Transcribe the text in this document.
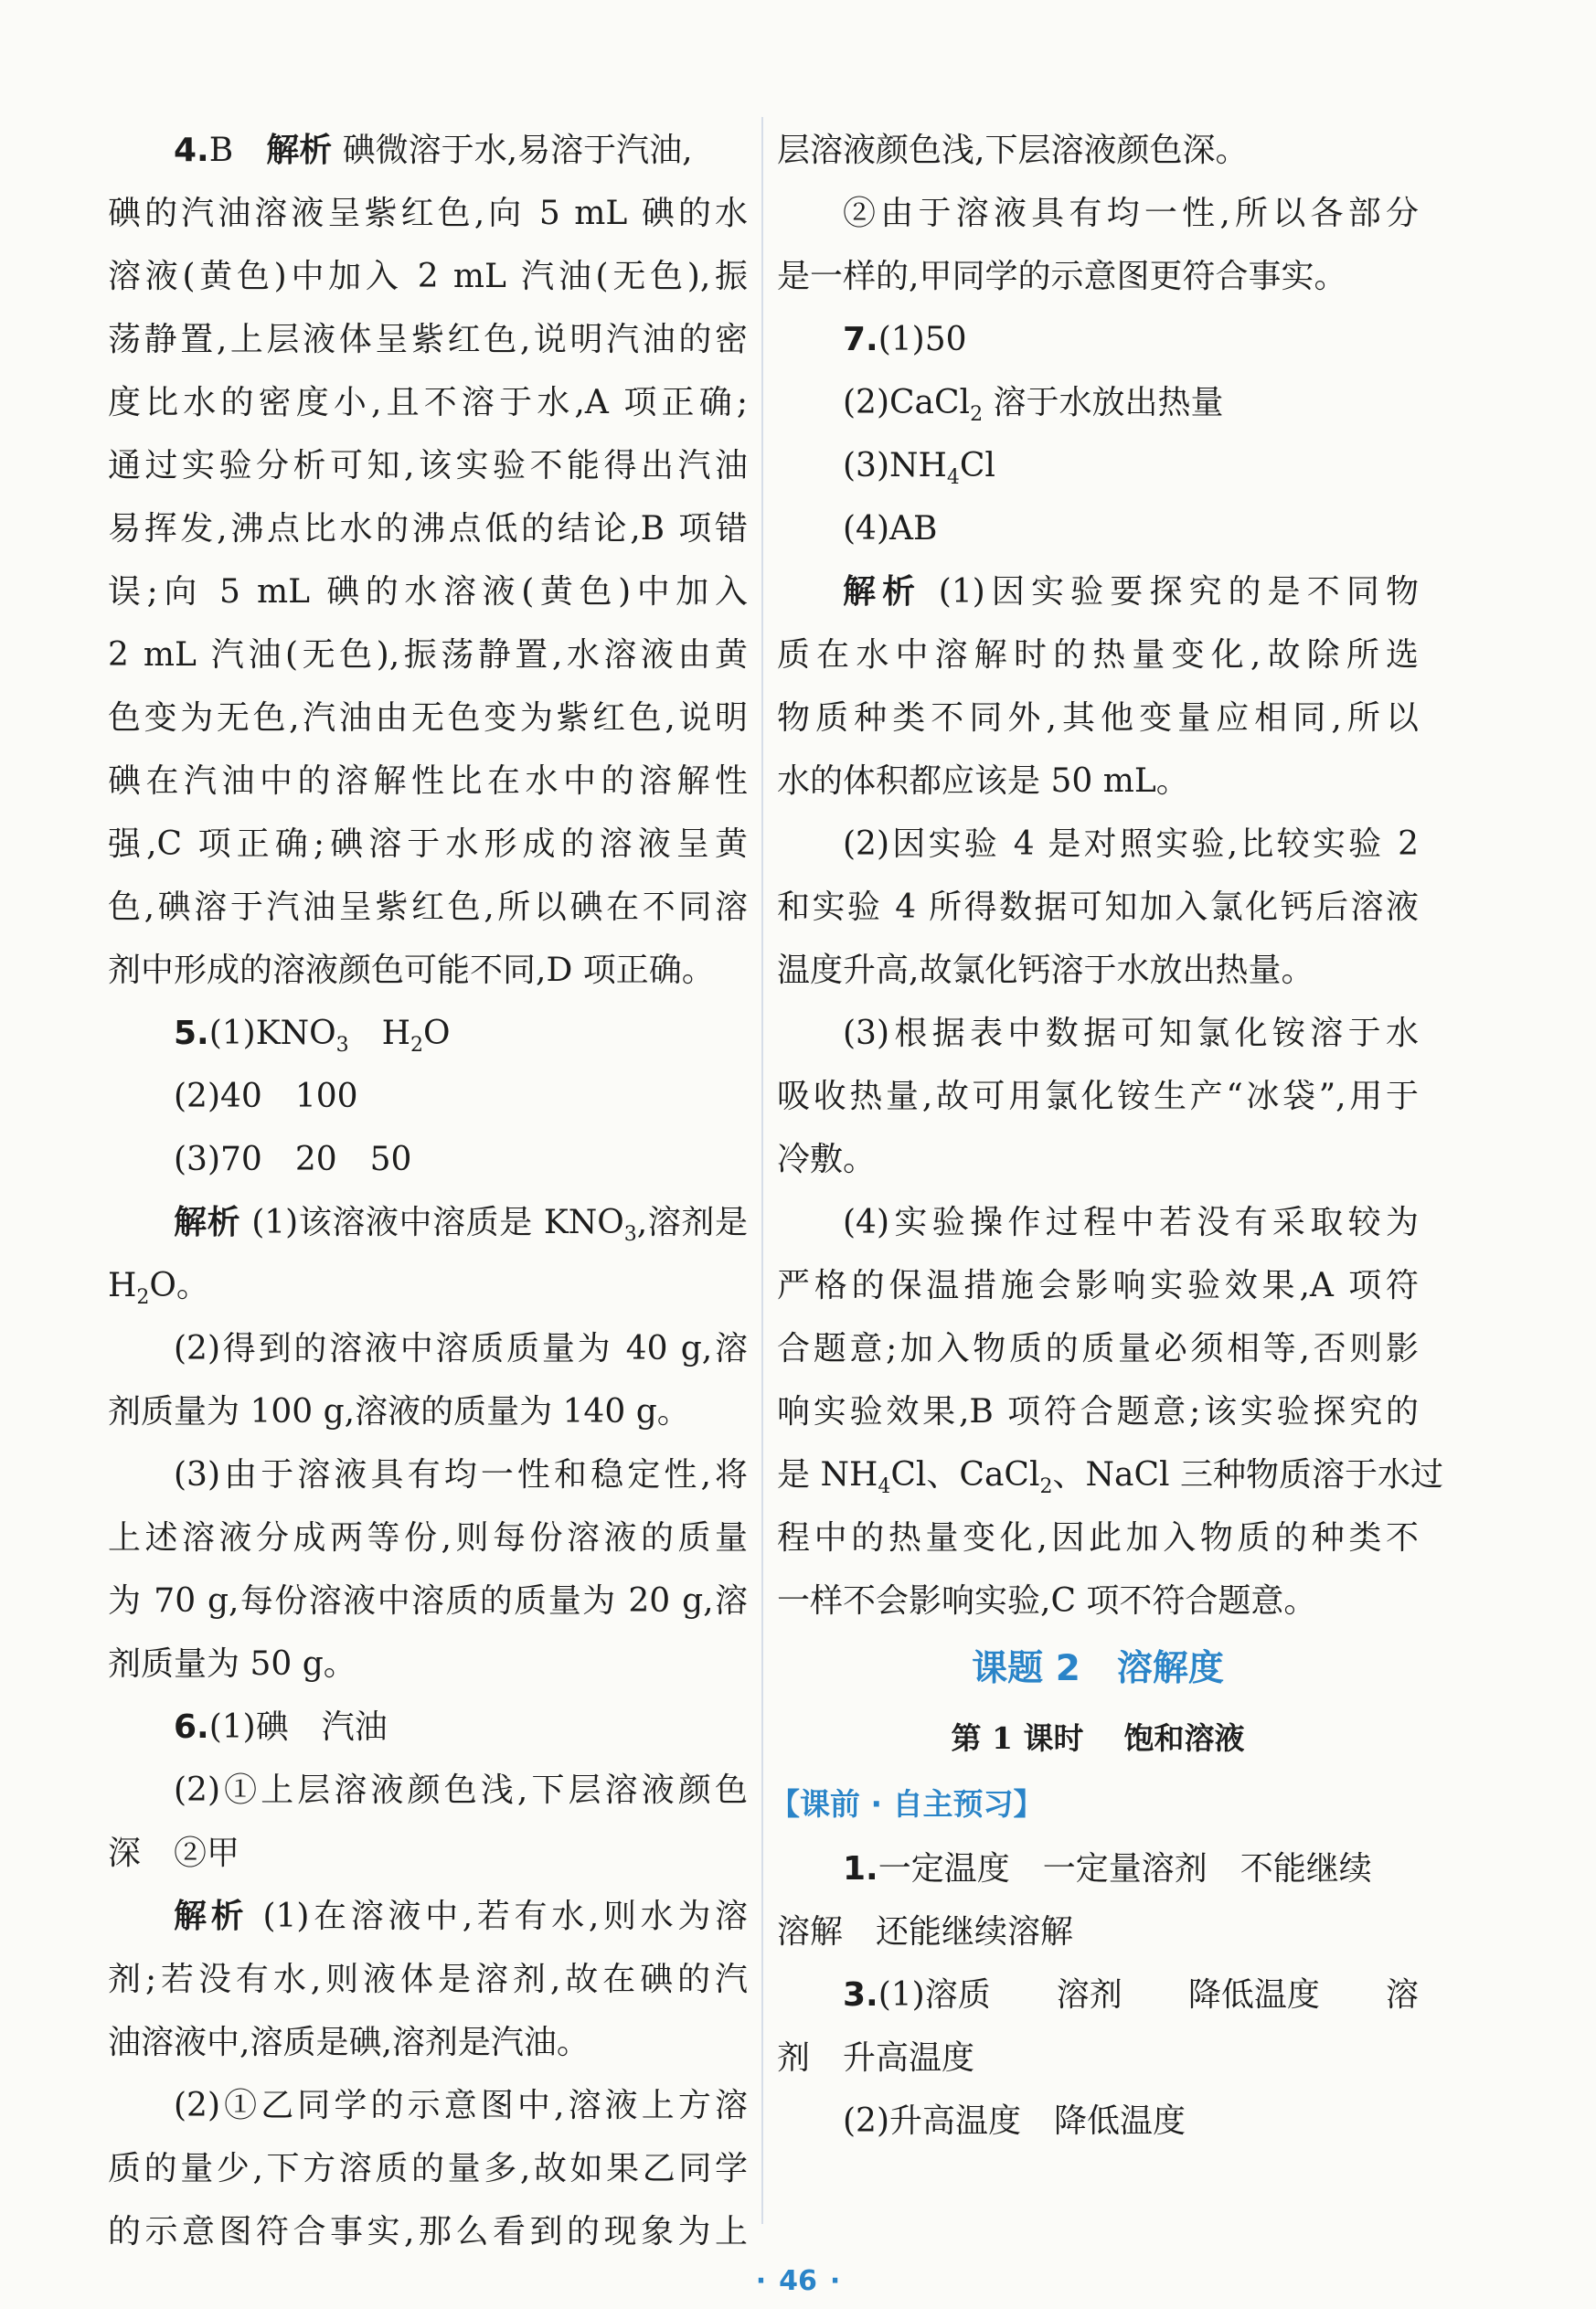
4.B 解析 碘微溶于水,易溶于汽油,
碘的汽油溶液呈紫红色,向 5 mL 碘的水
溶液(黄色)中加入 2 mL 汽油(无色),振
荡静置,上层液体呈紫红色,说明汽油的密
度比水的密度小,且不溶于水,A 项正确;
通过实验分析可知,该实验不能得出汽油
易挥发,沸点比水的沸点低的结论,B 项错
误;向 5 mL 碘的水溶液(黄色)中加入
2 mL 汽油(无色),振荡静置,水溶液由黄
色变为无色,汽油由无色变为紫红色,说明
碘在汽油中的溶解性比在水中的溶解性
强,C 项正确;碘溶于水形成的溶液呈黄
色,碘溶于汽油呈紫红色,所以碘在不同溶
剂中形成的溶液颜色可能不同,D 项正确。
$5.(1)KNO_3$ $H_2O$
(2)40 100
(3)70 20 50
解析 (1)该溶液中溶质是 $KNO_3$,溶剂是
$H_2O$。
(2)得到的溶液中溶质质量为 40 g,溶
剂质量为 100 g,溶液的质量为 140 g。
(3)由于溶液具有均一性和稳定性,将
上述溶液分成两等份,则每份溶液的质量
为 70 g,每份溶液中溶质的质量为 20 g,溶
剂质量为 50 g。
6.(1)碘 汽油
(2)①上层溶液颜色浅,下层溶液颜色
深 ②甲
解析 (1)在溶液中,若有水,则水为溶
剂;若没有水,则液体是溶剂,故在碘的汽
油溶液中,溶质是碘,溶剂是汽油。
(2)①乙同学的示意图中,溶液上方溶
质的量少,下方溶质的量多,故如果乙同学
的示意图符合事实,那么看到的现象为上
层溶液颜色浅,下层溶液颜色深。
②由于溶液具有均一性,所以各部分
是一样的,甲同学的示意图更符合事实。
7.(1)50
(2)CaCl$_2$ 溶于水放出热量
$(3)NH_4Cl$
(4)AB
解析 (1)因实验要探究的是不同物
质在水中溶解时的热量变化,故除所选
物质种类不同外,其他变量应相同,所以
水的体积都应该是 50 mL。
(2)因实验 4 是对照实验,比较实验 2
和实验 4 所得数据可知加入氯化钙后溶液
温度升高,故氯化钙溶于水放出热量。
(3)根据表中数据可知氯化铵溶于水
吸收热量,故可用氯化铵生产“冰袋”,用于
冷敷。
(4)实验操作过程中若没有采取较为
严格的保温措施会影响实验效果,A 项符
合题意;加入物质的质量必须相等,否则影
响实验效果,B 项符合题意;该实验探究的
是 $NH_4Cl$、CaCl$_2$、NaCl 三种物质溶于水过
程中的热量变化,因此加入物质的种类不
一样不会影响实验,C 项不符合题意。
课题 2 溶解度
第 1 课时 饱和溶液
【课前 · 自主预习】
1.一定温度 一定量溶剂 不能继续
溶解 还能继续溶解
3.(1)溶质 溶剂 降低温度 溶
剂 升高温度
(2)升高温度 降低温度
· 46 ·
